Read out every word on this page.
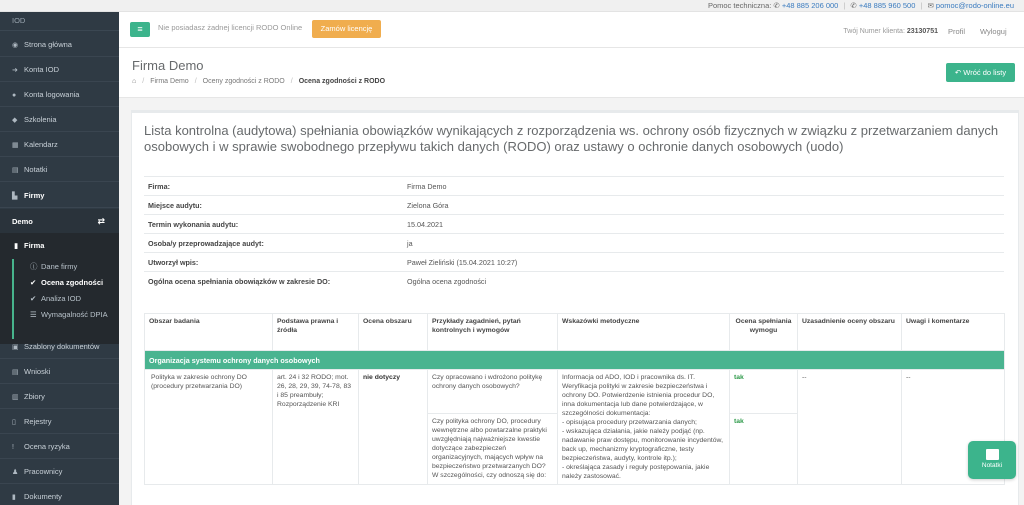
Pomoc techniczna: ✆ +48 885 206 000 | ✆ +48 885 960 500 | ✉ pomoc@rodo-online.eu
IOD
◉ Strona główna
➜ Konta IOD
● Konta logowania
◆ Szkolenia
▦ Kalendarz
▤ Notatki
▙ Firmy
Demo	⇄
▮ Firma
ⓘ Dane firmy
✔ Ocena zgodności
✔ Analiza IOD
☰ Wymagalność DPIA
▣ Szablony dokumentów
▤ Wnioski
▥ Zbiory
▯ Rejestry
! Ocena ryzyka
♟ Pracownicy
▮ Dokumenty
≡	Nie posiadasz żadnej licencji RODO Online	Zamów licencję	Twój Numer klienta: 23130751 Profil Wyloguj
Firma Demo
⌂ / Firma Demo / Oceny zgodności z RODO / Ocena zgodności z RODO
↶ Wróć do listy
Lista kontrolna (audytowa) spełniania obowiązków wynikających z rozporządzenia ws. ochrony osób fizycznych w związku z przetwarzaniem danych osobowych i w sprawie swobodnego przepływu takich danych (RODO) oraz ustawy o ochronie danych osobowych (uodo)
Firma:	Firma Demo
Miejsce audytu:	Zielona Góra
Termin wykonania audytu:	15.04.2021
Osoba/y przeprowadzające audyt:	ja
Utworzył wpis:	Paweł Zieliński (15.04.2021 10:27)
Ogólna ocena spełniania obowiązków w zakresie DO:	Ogólna ocena zgodności
Obszar badania	Podstawa prawna i źródła	Ocena obszaru	Przykłady zagadnień, pytań kontrolnych i wymogów	Wskazówki metodyczne	Ocena spełniania wymogu	Uzasadnienie oceny obszaru	Uwagi i komentarze
Organizacja systemu ochrony danych osobowych							
Polityka w zakresie ochrony DO (procedury przetwarzania DO)	art. 24 i 32 RODO; mot. 26, 28, 29, 39, 74-78, 83 i 85 preambuły; Rozporządzenie KRI	nie dotyczy	Czy opracowano i wdrożono politykę ochrony danych osobowych?	Informacja od ADO, IOD i pracownika ds. IT. Weryfikacja polityki w zakresie bezpieczeństwa i ochrony DO. Potwierdzenie istnienia procedur DO, inna dokumentacja lub dane potwierdzające, w szczególności dokumentacja:
- opisująca procedury przetwarzania danych;
- wskazująca działania, jakie należy podjąć (np. nadawanie praw dostępu, monitorowanie incydentów, back up, mechanizmy kryptograficzne, testy bezpieczeństwa, audyty, kontrole itp.);
- określająca zasady i reguły postępowania, jakie należy zastosować.	tak	--	--
			Czy polityka ochrony DO, procedury wewnętrzne albo powtarzalne praktyki uwzględniają najważniejsze kwestie dotyczące zabezpieczeń organizacyjnych, mających wpływ na bezpieczeństwo przetwarzanych DO? W szczególności, czy odnoszą się do:		tak		
Notatki
